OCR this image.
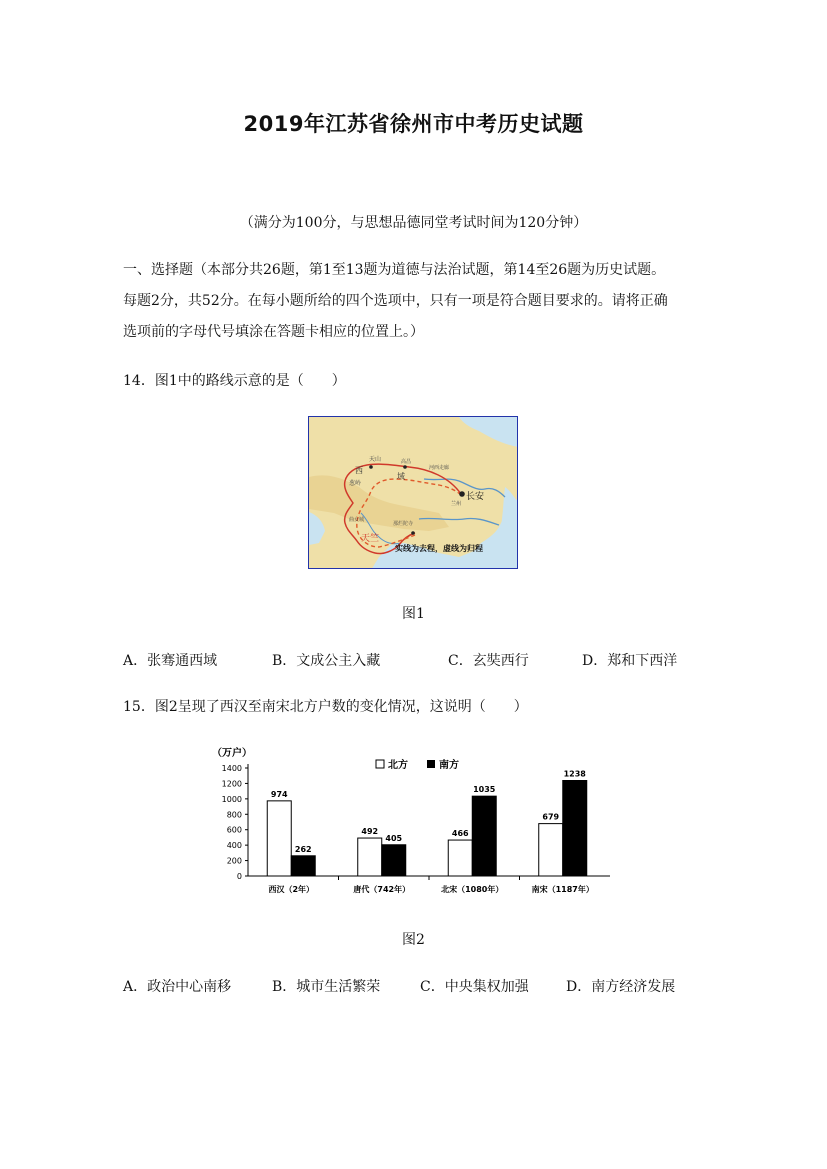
2019年江苏省徐州市中考历史试题
（满分为100分，与思想品德同堂考试时间为120分钟）
一、选择题（本部分共26题，第1至13题为道德与法治试题，第14至26题为历史试题。
每题2分，共52分。在每小题所给的四个选项中，只有一项是符合题目要求的。请将正确
选项前的字母代号填涂在答题卡相应的位置上。）
14．图1中的路线示意的是（　　）
天山
西
域
葱岭
高昌
河西走廊
长安
兰州
曲女城
那烂陀寺
天竺
实线为去程，虚线为归程
图1
A．张骞通西域	B．文成公主入藏	C．玄奘西行	D．郑和下西洋
15．图2呈现了西汉至南宋北方户数的变化情况，这说明（　　）
（万户）
北方	南方
0
200
400
600
800
1000
1200
1400
974
262
西汉（2年）
492
405
唐代（742年）
466
1035
北宋（1080年）
679
1238
南宋（1187年）
图2
A．政治中心南移	B．城市生活繁荣	C．中央集权加强	D．南方经济发展
